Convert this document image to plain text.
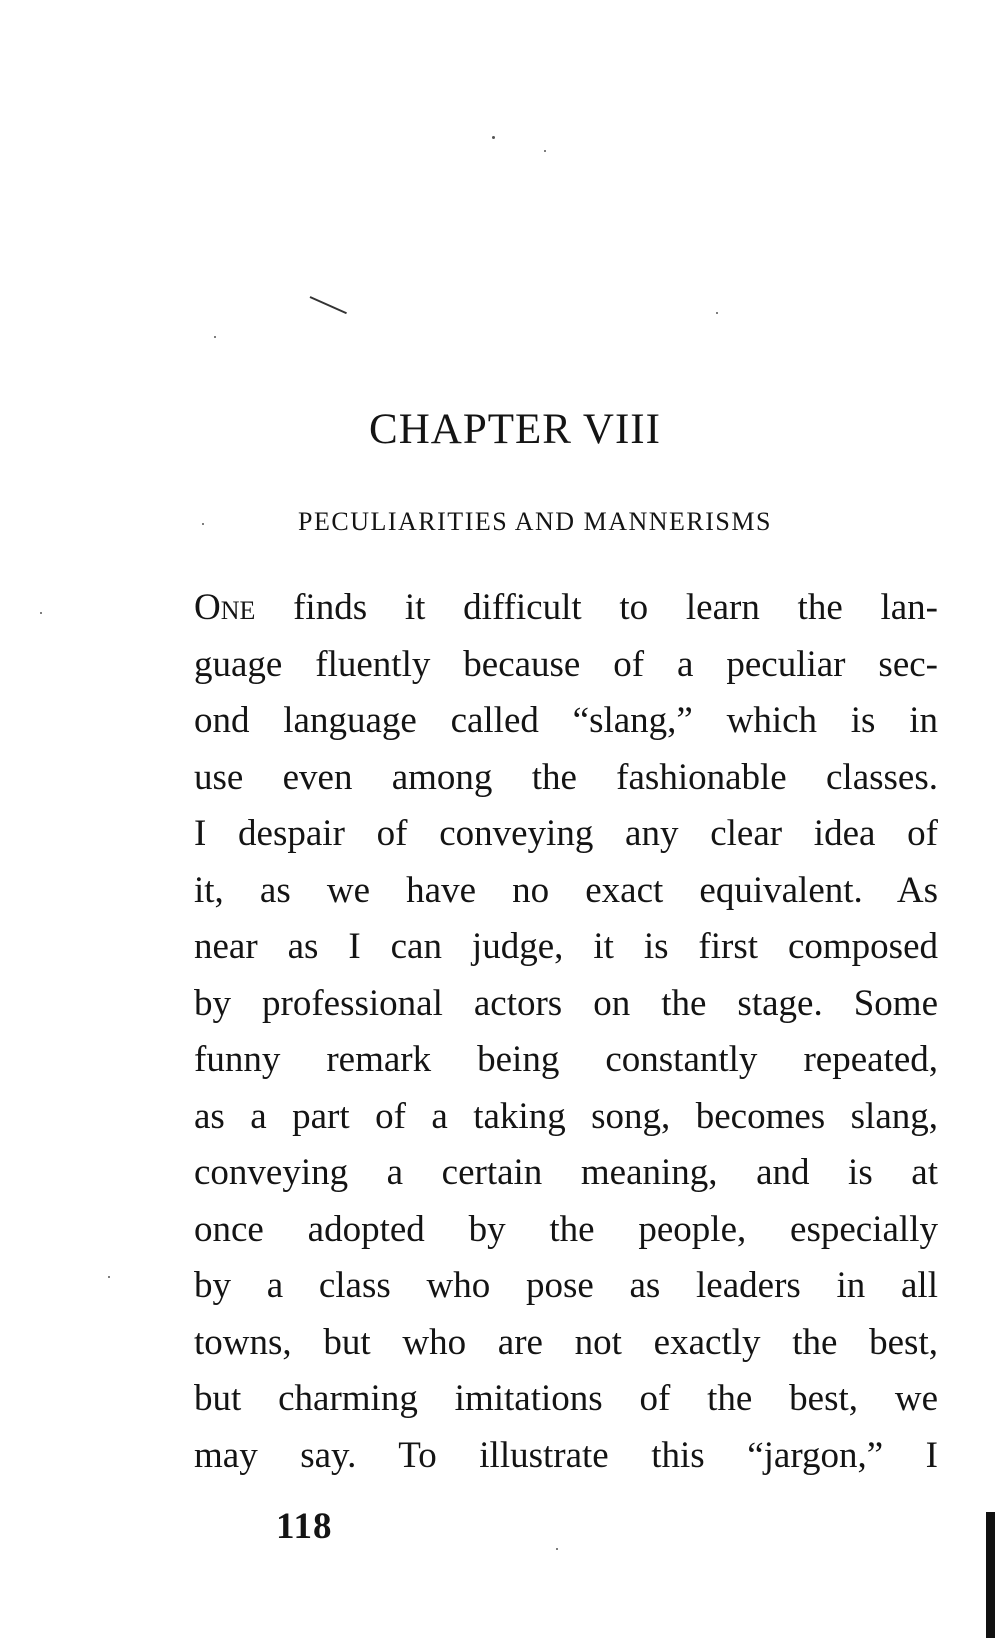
CHAPTER VIII
PECULIARITIES AND MANNERISMS
One finds it difficult to learn the lan-
guage fluently because of a peculiar sec-
ond language called “slang,” which is in
use even among the fashionable classes.
I despair of conveying any clear idea of
it, as we have no exact equivalent. As
near as I can judge, it is first composed
by professional actors on the stage. Some
funny remark being constantly repeated,
as a part of a taking song, becomes slang,
conveying a certain meaning, and is at
once adopted by the people, especially
by a class who pose as leaders in all
towns, but who are not exactly the best,
but charming imitations of the best, we
may say. To illustrate this “jargon,” I
118
